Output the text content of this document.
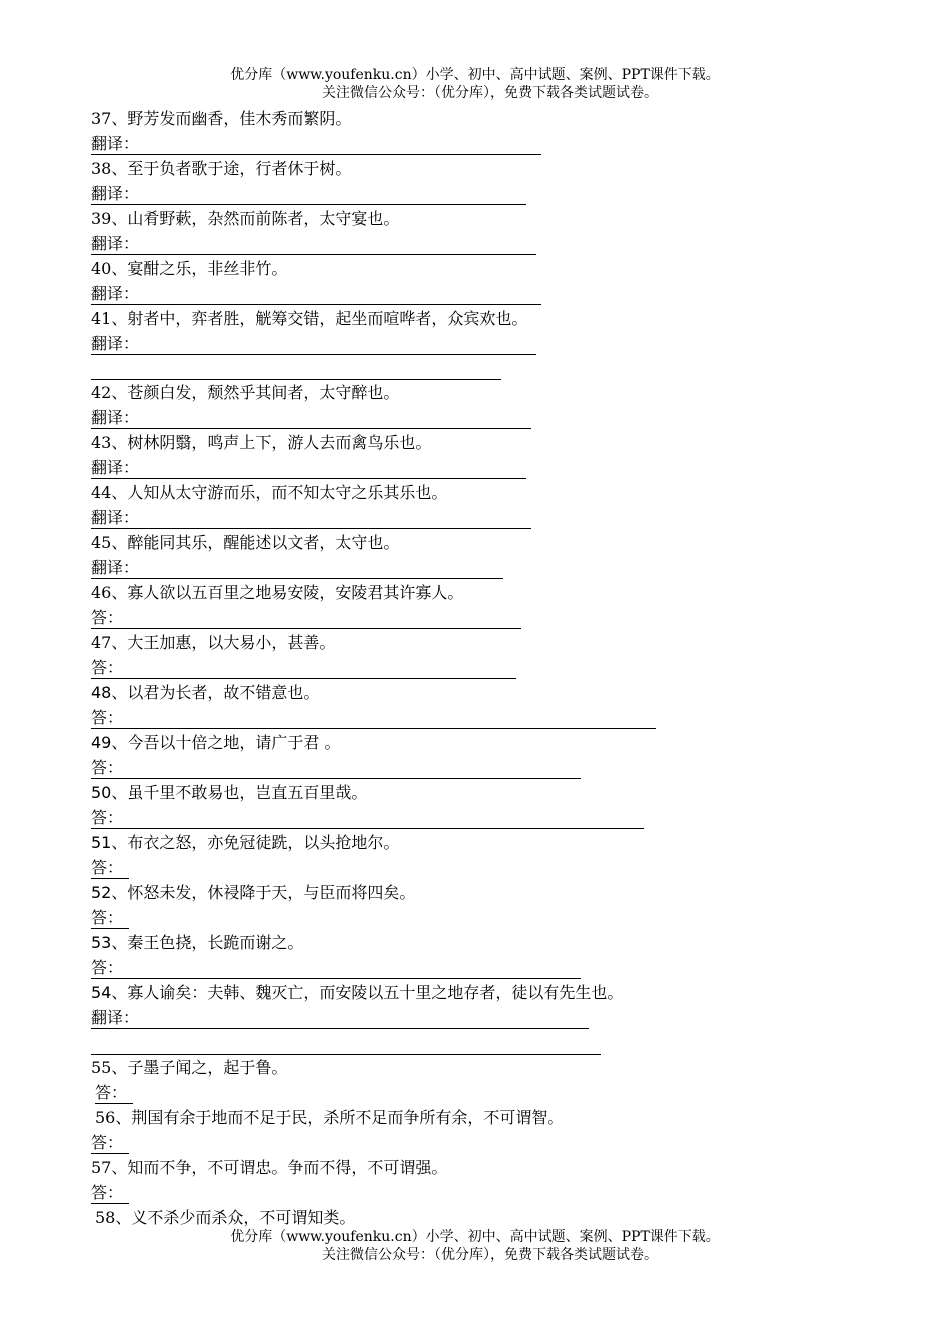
优分库（www.youfenku.cn）小学、初中、高中试题、案例、PPT课件下载。
关注微信公众号：（优分库），免费下载各类试题试卷。
37、野芳发而幽香，佳木秀而繁阴。
翻译：
38、至于负者歌于途，行者休于树。
翻译：
39、山肴野蔌，杂然而前陈者，太守宴也。
翻译：
40、宴酣之乐，非丝非竹。
翻译：
41、射者中，弈者胜，觥筹交错，起坐而喧哗者，众宾欢也。
翻译：
42、苍颜白发，颓然乎其间者，太守醉也。
翻译：
43、树林阴翳，鸣声上下，游人去而禽鸟乐也。
翻译：
44、人知从太守游而乐，而不知太守之乐其乐也。
翻译：
45、醉能同其乐，醒能述以文者，太守也。
翻译：
46、寡人欲以五百里之地易安陵，安陵君其许寡人。
答：
47、大王加惠，以大易小，甚善。
答：
48、以君为长者，故不错意也。
答：
49、今吾以十倍之地，请广于君 。
答：
50、虽千里不敢易也，岂直五百里哉。
答：
51、布衣之怒，亦免冠徒跣，以头抢地尔。
答：
52、怀怒未发，休祲降于天，与臣而将四矣。
答：
53、秦王色挠，长跪而谢之。
答：
54、寡人谕矣：夫韩、魏灭亡，而安陵以五十里之地存者，徒以有先生也。
翻译：
55、子墨子闻之，起于鲁。
答：
56、荆国有余于地而不足于民，杀所不足而争所有余，不可谓智。
答：
57、知而不争，不可谓忠。争而不得，不可谓强。
答：
58、义不杀少而杀众，不可谓知类。
优分库（www.youfenku.cn）小学、初中、高中试题、案例、PPT课件下载。
关注微信公众号：（优分库），免费下载各类试题试卷。
